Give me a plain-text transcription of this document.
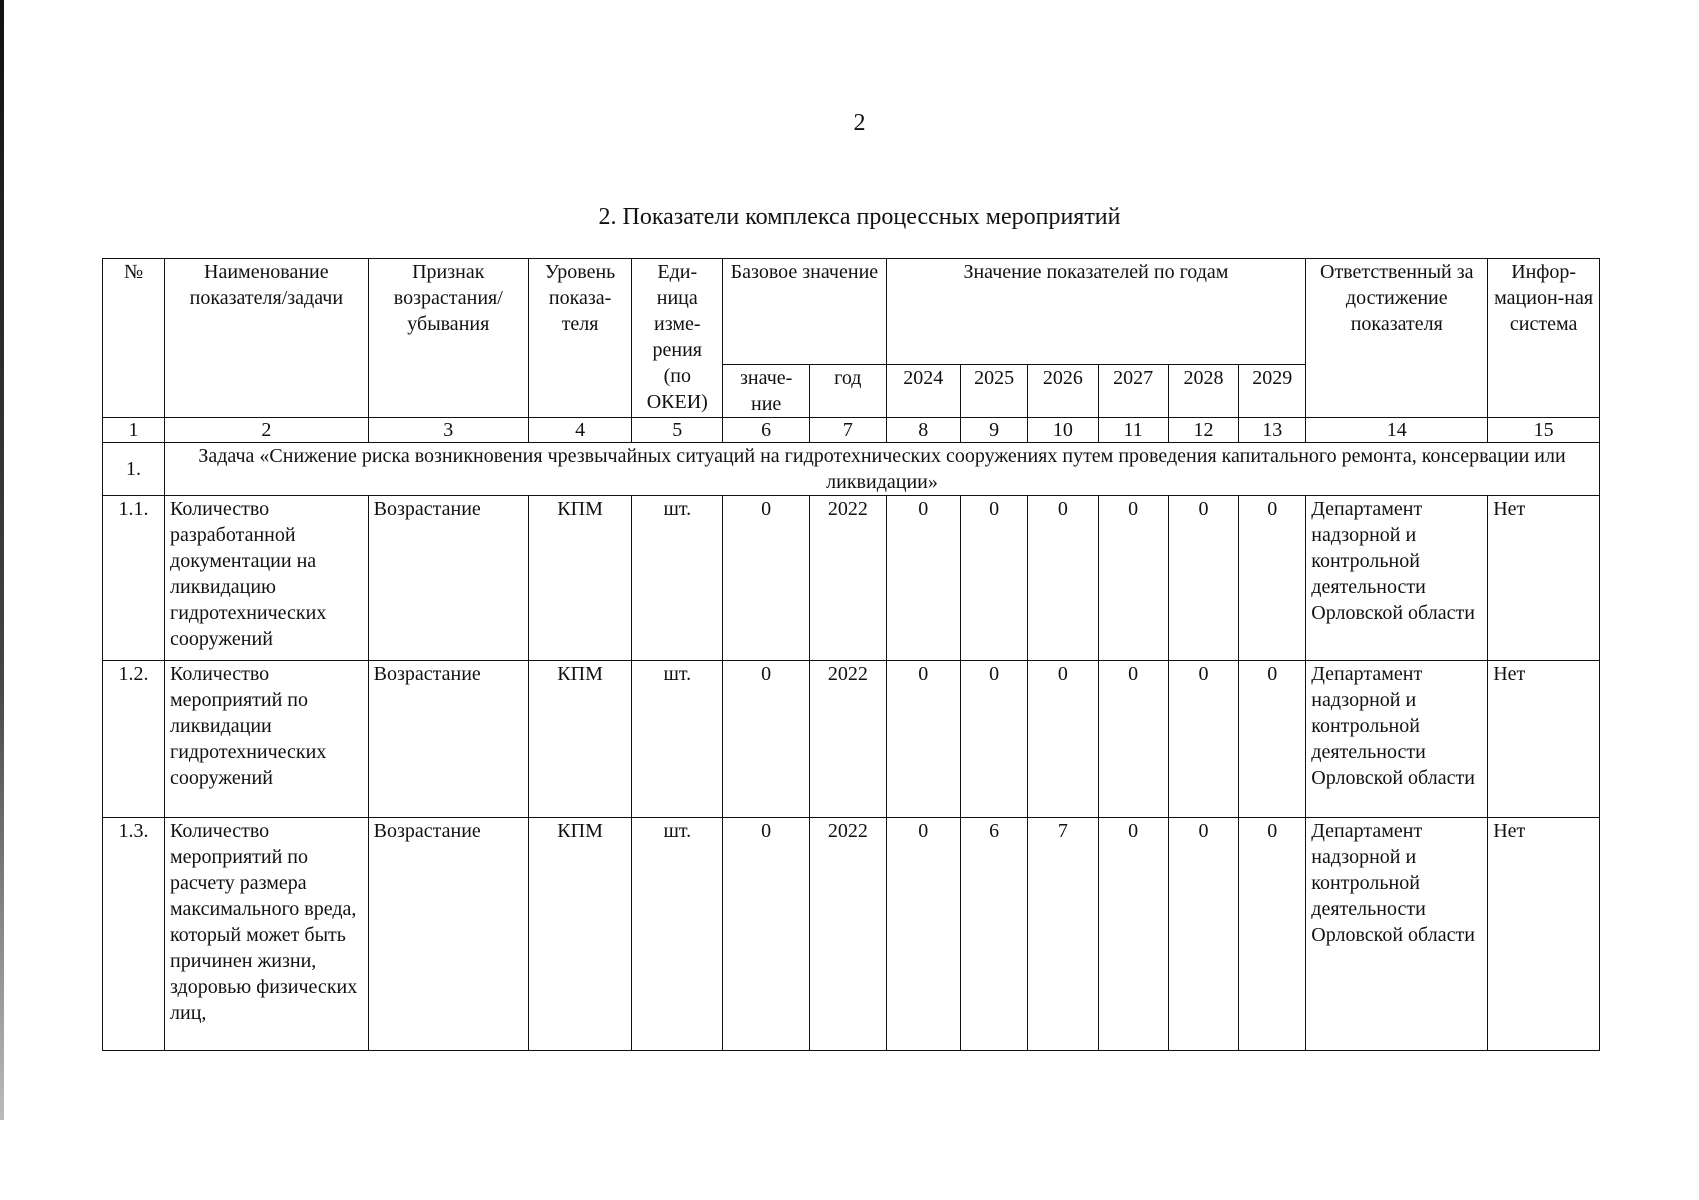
2
2. Показатели комплекса процессных мероприятий
№	Наименование показателя/задачи	Признак возрастания/ убывания	Уровень показа-теля	Еди-ница изме-рения (по ОКЕИ)	Базовое значение		Значение показателей по годам						Ответственный за достижение показателя	Инфор-мацион-ная система
					значе-ние	год	2024	2025	2026	2027	2028	2029		
1	2	3	4	5	6	7	8	9	10	11	12	13	14	15
1.	Задача «Снижение риска возникновения чрезвычайных ситуаций на гидротехнических сооружениях путем проведения капитального ремонта, консервации или ликвидации»													
1.1.	Количество разработанной документации на ликвидацию гидротехнических сооружений	Возрастание	КПМ	шт.	0	2022	0	0	0	0	0	0	Департамент надзорной и контрольной деятельности Орловской области	Нет
1.2.	Количество мероприятий по ликвидации гидротехнических сооружений	Возрастание	КПМ	шт.	0	2022	0	0	0	0	0	0	Департамент надзорной и контрольной деятельности Орловской области	Нет
1.3.	Количество мероприятий по расчету размера максимального вреда, который может быть причинен жизни, здоровью физических лиц,	Возрастание	КПМ	шт.	0	2022	0	6	7	0	0	0	Департамент надзорной и контрольной деятельности Орловской области	Нет
